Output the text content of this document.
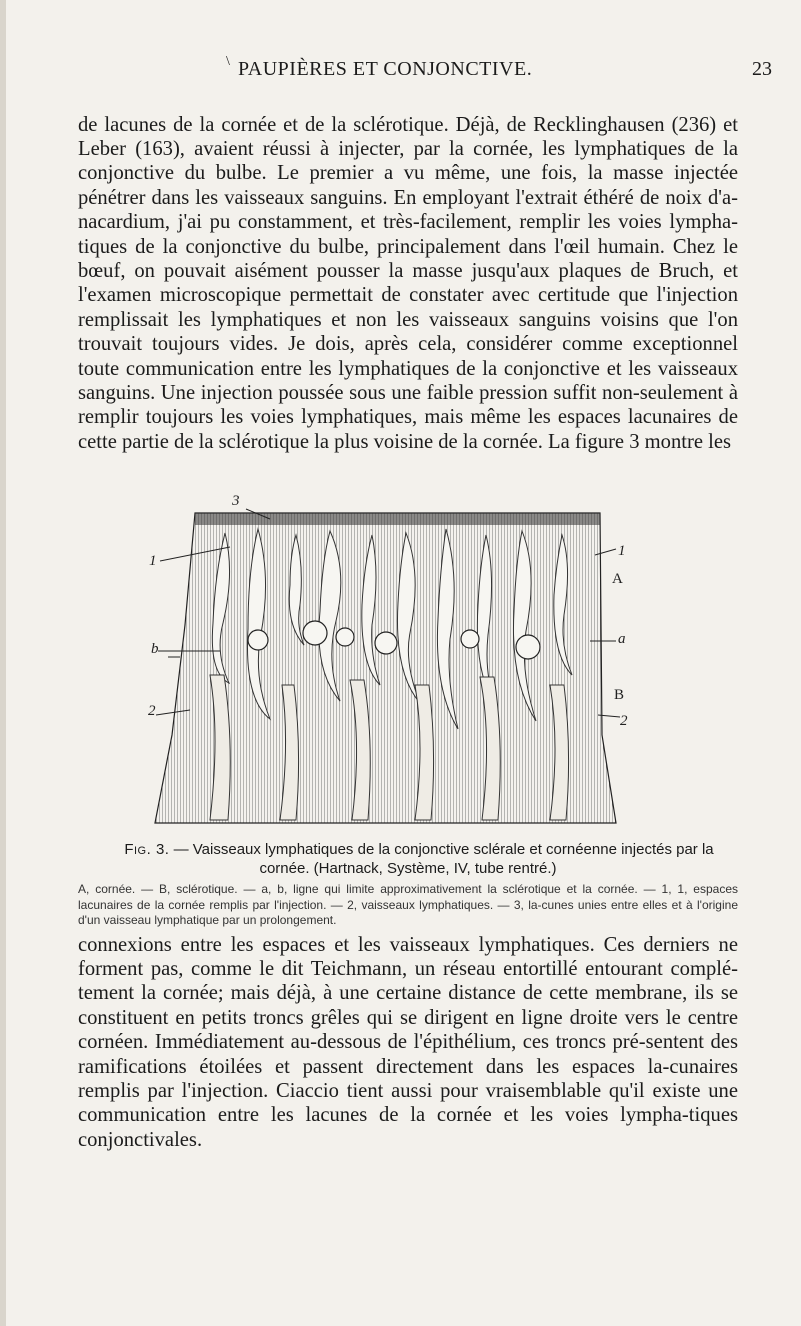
\ PAUPIÈRES ET CONJONCTIVE.	23

de lacunes de la cornée et de la sclérotique. Déjà, de Recklinghausen (236) et Leber (163), avaient réussi à injecter, par la cornée, les lymphatiques de la conjonctive du bulbe. Le premier a vu même, une fois, la masse injectée pénétrer dans les vaisseaux sanguins. En employant l'extrait éthéré de noix d'a-nacardium, j'ai pu constamment, et très-facilement, remplir les voies lympha-tiques de la conjonctive du bulbe, principalement dans l'œil humain. Chez le bœuf, on pouvait aisément pousser la masse jusqu'aux plaques de Bruch, et l'examen microscopique permettait de constater avec certitude que l'injection remplissait les lymphatiques et non les vaisseaux sanguins voisins que l'on trouvait toujours vides. Je dois, après cela, considérer comme exceptionnel toute communication entre les lymphatiques de la conjonctive et les vaisseaux sanguins. Une injection poussée sous une faible pression suffit non-seulement à remplir toujours les voies lymphatiques, mais même les espaces lacunaires de cette partie de la sclérotique la plus voisine de la cornée. La figure 3 montre les

3
1
1
A
b
a
2
B
2
Fig. 3. — Vaisseaux lymphatiques de la conjonctive sclérale et cornéenne injectés par la cornée. (Hartnack, Système, IV, tube rentré.)
A, cornée. — B, sclérotique. — a, b, ligne qui limite approximativement la sclérotique et la cornée. — 1, 1, espaces lacunaires de la cornée remplis par l'injection. — 2, vaisseaux lymphatiques. — 3, la-cunes unies entre elles et à l'origine d'un vaisseau lymphatique par un prolongement.

connexions entre les espaces et les vaisseaux lymphatiques. Ces derniers ne forment pas, comme le dit Teichmann, un réseau entortillé entourant complé-tement la cornée; mais déjà, à une certaine distance de cette membrane, ils se constituent en petits troncs grêles qui se dirigent en ligne droite vers le centre cornéen. Immédiatement au-dessous de l'épithélium, ces troncs pré-sentent des ramifications étoilées et passent directement dans les espaces la-cunaires remplis par l'injection. Ciaccio tient aussi pour vraisemblable qu'il existe une communication entre les lacunes de la cornée et les voies lympha-tiques conjonctivales.
